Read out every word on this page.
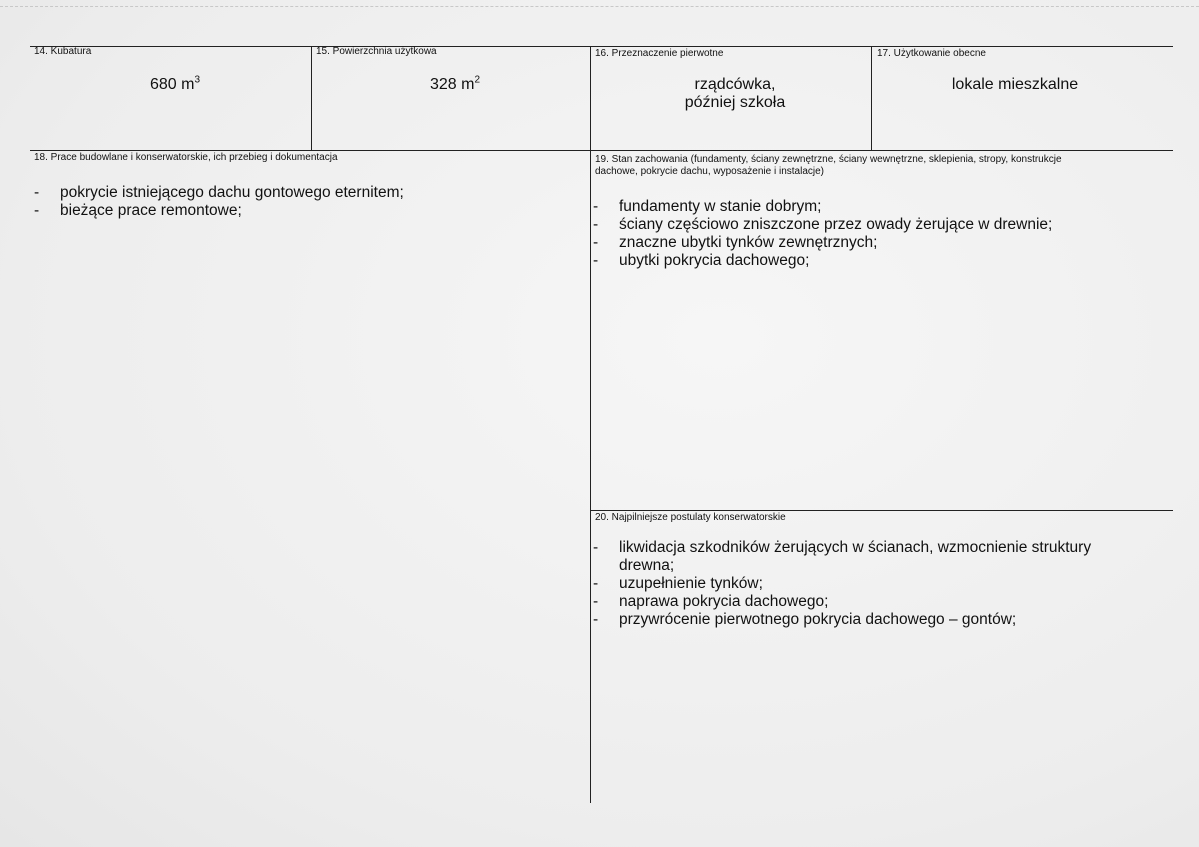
14. Kubatura
680 $m^3$
15. Powierzchnia użytkowa
328 $m^2$
16. Przeznaczenie pierwotne
rządcówka,
później szkoła
17. Użytkowanie obecne
lokale mieszkalne
18. Prace budowlane i konserwatorskie, ich przebieg i dokumentacja
-	pokrycie istniejącego dachu gontowego eternitem;
-	bieżące prace remontowe;
19. Stan zachowania (fundamenty, ściany zewnętrzne, ściany wewnętrzne, sklepienia, stropy, konstrukcje dachowe, pokrycie dachu, wyposażenie i instalacje)
-	fundamenty w stanie dobrym;
-	ściany częściowo zniszczone przez owady żerujące w drewnie;
-	znaczne ubytki tynków zewnętrznych;
-	ubytki pokrycia dachowego;
20. Najpilniejsze postulaty konserwatorskie
-	likwidacja szkodników żerujących w ścianach, wzmocnienie struktury drewna;
-	uzupełnienie tynków;
-	naprawa pokrycia dachowego;
-	przywrócenie pierwotnego pokrycia dachowego – gontów;
